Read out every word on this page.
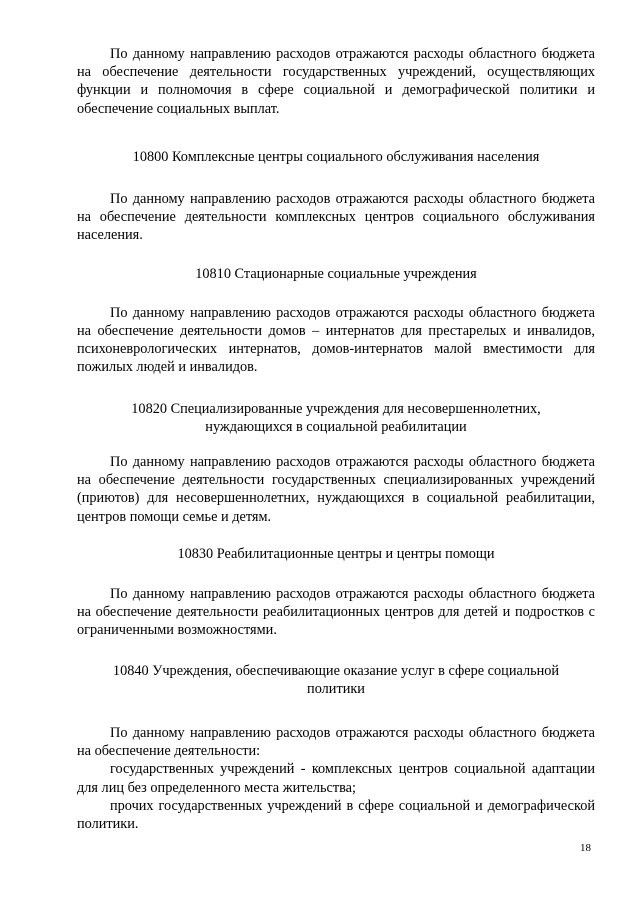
По данному направлению расходов отражаются расходы областного бюджета на обеспечение деятельности государственных учреждений, осуществляющих функции и полномочия в сфере социальной и демографической политики и обеспечение социальных выплат.

10800 Комплексные центры социального обслуживания населения

По данному направлению расходов отражаются расходы областного бюджета на обеспечение деятельности комплексных центров социального обслуживания населения.

10810 Стационарные социальные учреждения

По данному направлению расходов отражаются расходы областного бюджета на обеспечение деятельности домов – интернатов для престарелых и инвалидов, психоневрологических интернатов, домов-интернатов малой вместимости для пожилых людей и инвалидов.

10820 Специализированные учреждения для несовершеннолетних,

нуждающихся в социальной реабилитации

По данному направлению расходов отражаются расходы областного бюджета на обеспечение деятельности государственных специализированных учреждений (приютов) для несовершеннолетних, нуждающихся в социальной реабилитации, центров помощи семье и детям.

10830 Реабилитационные центры и центры помощи

По данному направлению расходов отражаются расходы областного бюджета на обеспечение деятельности реабилитационных центров для детей и подростков с ограниченными возможностями.

10840 Учреждения, обеспечивающие оказание услуг в сфере социальной

политики

По данному направлению расходов отражаются расходы областного бюджета на обеспечение деятельности:

государственных учреждений - комплексных центров социальной адаптации для лиц без определенного места жительства;

прочих государственных учреждений в сфере социальной и демографической политики.

18
